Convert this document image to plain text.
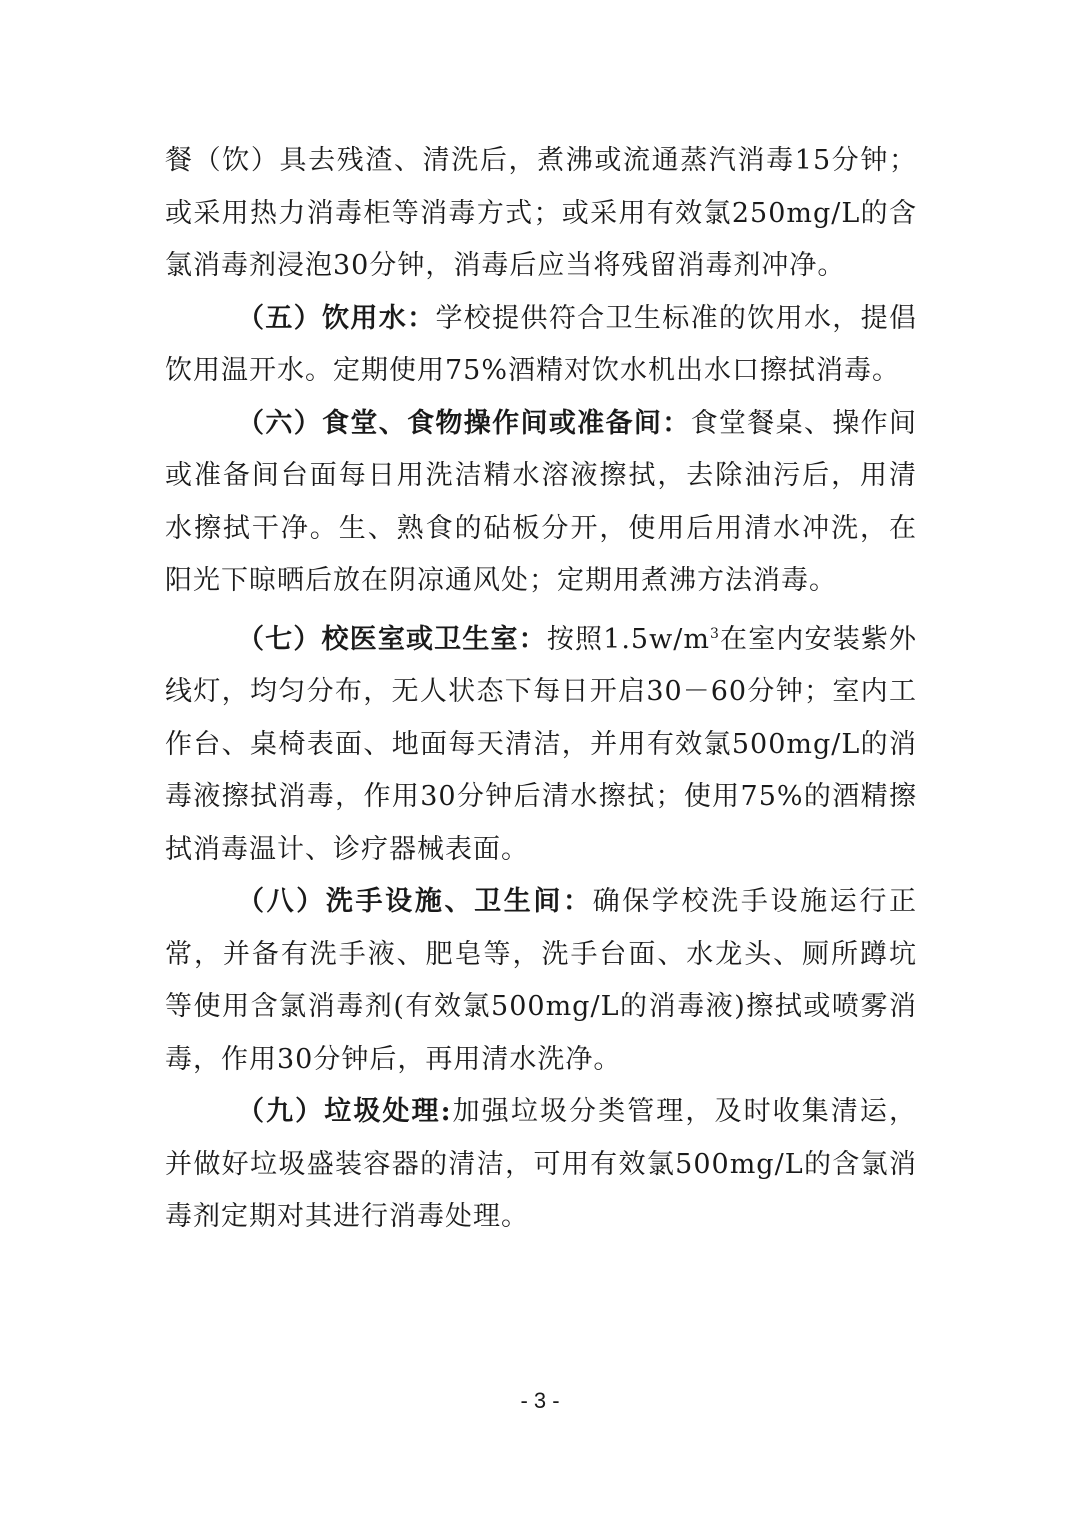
餐（饮）具去残渣、清洗后，煮沸或流通蒸汽消毒15分钟；或采用热力消毒柜等消毒方式；或采用有效氯250mg/L的含氯消毒剂浸泡30分钟，消毒后应当将残留消毒剂冲净。

（五）饮用水：学校提供符合卫生标准的饮用水，提倡饮用温开水。定期使用75%酒精对饮水机出水口擦拭消毒。

（六）食堂、食物操作间或准备间：食堂餐桌、操作间或准备间台面每日用洗洁精水溶液擦拭，去除油污后，用清水擦拭干净。生、熟食的砧板分开，使用后用清水冲洗，在阳光下晾晒后放在阴凉通风处；定期用煮沸方法消毒。

（七）校医室或卫生室：按照$1.5w/m^3$在室内安装紫外线灯，均匀分布，无人状态下每日开启30－60分钟；室内工作台、桌椅表面、地面每天清洁，并用有效氯500mg/L的消毒液擦拭消毒，作用30分钟后清水擦拭；使用75%的酒精擦拭消毒温计、诊疗器械表面。

（八）洗手设施、卫生间：确保学校洗手设施运行正常，并备有洗手液、肥皂等，洗手台面、水龙头、厕所蹲坑等使用含氯消毒剂(有效氯500mg/L的消毒液)擦拭或喷雾消毒，作用30分钟后，再用清水洗净。

（九）垃圾处理:加强垃圾分类管理，及时收集清运，并做好垃圾盛装容器的清洁，可用有效氯500mg/L的含氯消毒剂定期对其进行消毒处理。

- 3 -
